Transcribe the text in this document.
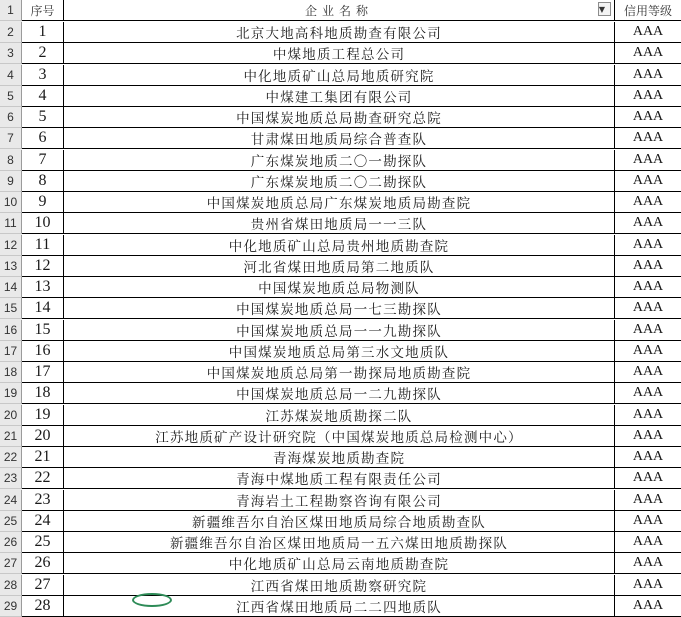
1	序号	企业名称	▼	信用等级
2	1	北京大地高科地质勘查有限公司	AAA
3	2	中煤地质工程总公司	AAA
4	3	中化地质矿山总局地质研究院	AAA
5	4	中煤建工集团有限公司	AAA
6	5	中国煤炭地质总局勘查研究总院	AAA
7	6	甘肃煤田地质局综合普查队	AAA
8	7	广东煤炭地质二〇一勘探队	AAA
9	8	广东煤炭地质二〇二勘探队	AAA
10	9	中国煤炭地质总局广东煤炭地质局勘查院	AAA
11	10	贵州省煤田地质局一一三队	AAA
12	11	中化地质矿山总局贵州地质勘查院	AAA
13	12	河北省煤田地质局第二地质队	AAA
14	13	中国煤炭地质总局物测队	AAA
15	14	中国煤炭地质总局一七三勘探队	AAA
16	15	中国煤炭地质总局一一九勘探队	AAA
17	16	中国煤炭地质总局第三水文地质队	AAA
18	17	中国煤炭地质总局第一勘探局地质勘查院	AAA
19	18	中国煤炭地质总局一二九勘探队	AAA
20	19	江苏煤炭地质勘探二队	AAA
21	20	江苏地质矿产设计研究院（中国煤炭地质总局检测中心）	AAA
22	21	青海煤炭地质勘查院	AAA
23	22	青海中煤地质工程有限责任公司	AAA
24	23	青海岩土工程勘察咨询有限公司	AAA
25	24	新疆维吾尔自治区煤田地质局综合地质勘查队	AAA
26	25	新疆维吾尔自治区煤田地质局一五六煤田地质勘探队	AAA
27	26	中化地质矿山总局云南地质勘查院	AAA
28	27	江西省煤田地质勘察研究院	AAA
29	28	江西省煤田地质局二二四地质队	AAA
